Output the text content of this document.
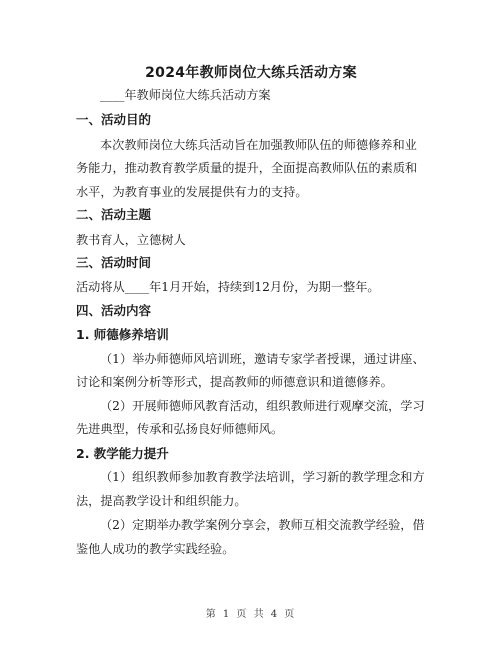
2024年教师岗位大练兵活动方案
____年教师岗位大练兵活动方案
一、活动目的
本次教师岗位大练兵活动旨在加强教师队伍的师德修养和业
务能力，推动教育教学质量的提升，全面提高教师队伍的素质和
水平，为教育事业的发展提供有力的支持。
二、活动主题
教书育人，立德树人
三、活动时间
活动将从____年1月开始，持续到12月份，为期一整年。
四、活动内容
1. 师德修养培训
（1）举办师德师风培训班，邀请专家学者授课，通过讲座、
讨论和案例分析等形式，提高教师的师德意识和道德修养。
（2）开展师德师风教育活动，组织教师进行观摩交流，学习
先进典型，传承和弘扬良好师德师风。
2. 教学能力提升
（1）组织教师参加教育教学法培训，学习新的教学理念和方
法，提高教学设计和组织能力。
（2）定期举办教学案例分享会，教师互相交流教学经验，借
鉴他人成功的教学实践经验。
第 1 页 共 4 页
